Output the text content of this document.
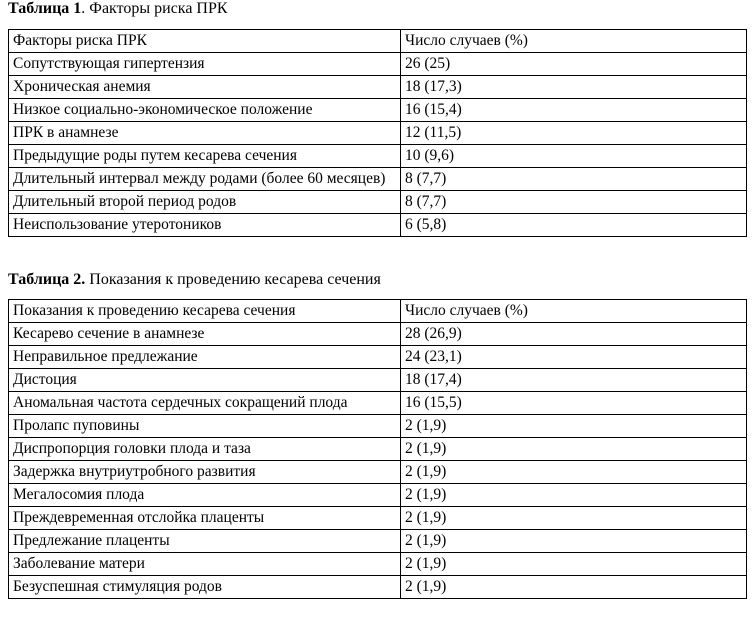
Таблица 1. Факторы риска ПРК

Факторы риска ПРК	Число случаев (%)
Сопутствующая гипертензия	26 (25)
Хроническая анемия	18 (17,3)
Низкое социально-экономическое положение	16 (15,4)
ПРК в анамнезе	12 (11,5)
Предыдущие роды путем кесарева сечения	10 (9,6)
Длительный интервал между родами (более 60 месяцев)	8 (7,7)
Длительный второй период родов	8 (7,7)
Неиспользование утеротоников	6 (5,8)

Таблица 2. Показания к проведению кесарева сечения

Показания к проведению кесарева сечения	Число случаев (%)
Кесарево сечение в анамнезе	28 (26,9)
Неправильное предлежание	24 (23,1)
Дистоция	18 (17,4)
Аномальная частота сердечных сокращений плода	16 (15,5)
Пролапс пуповины	2 (1,9)
Диспропорция головки плода и таза	2 (1,9)
Задержка внутриутробного развития	2 (1,9)
Мегалосомия плода	2 (1,9)
Преждевременная отслойка плаценты	2 (1,9)
Предлежание плаценты	2 (1,9)
Заболевание матери	2 (1,9)
Безуспешная стимуляция родов	2 (1,9)
